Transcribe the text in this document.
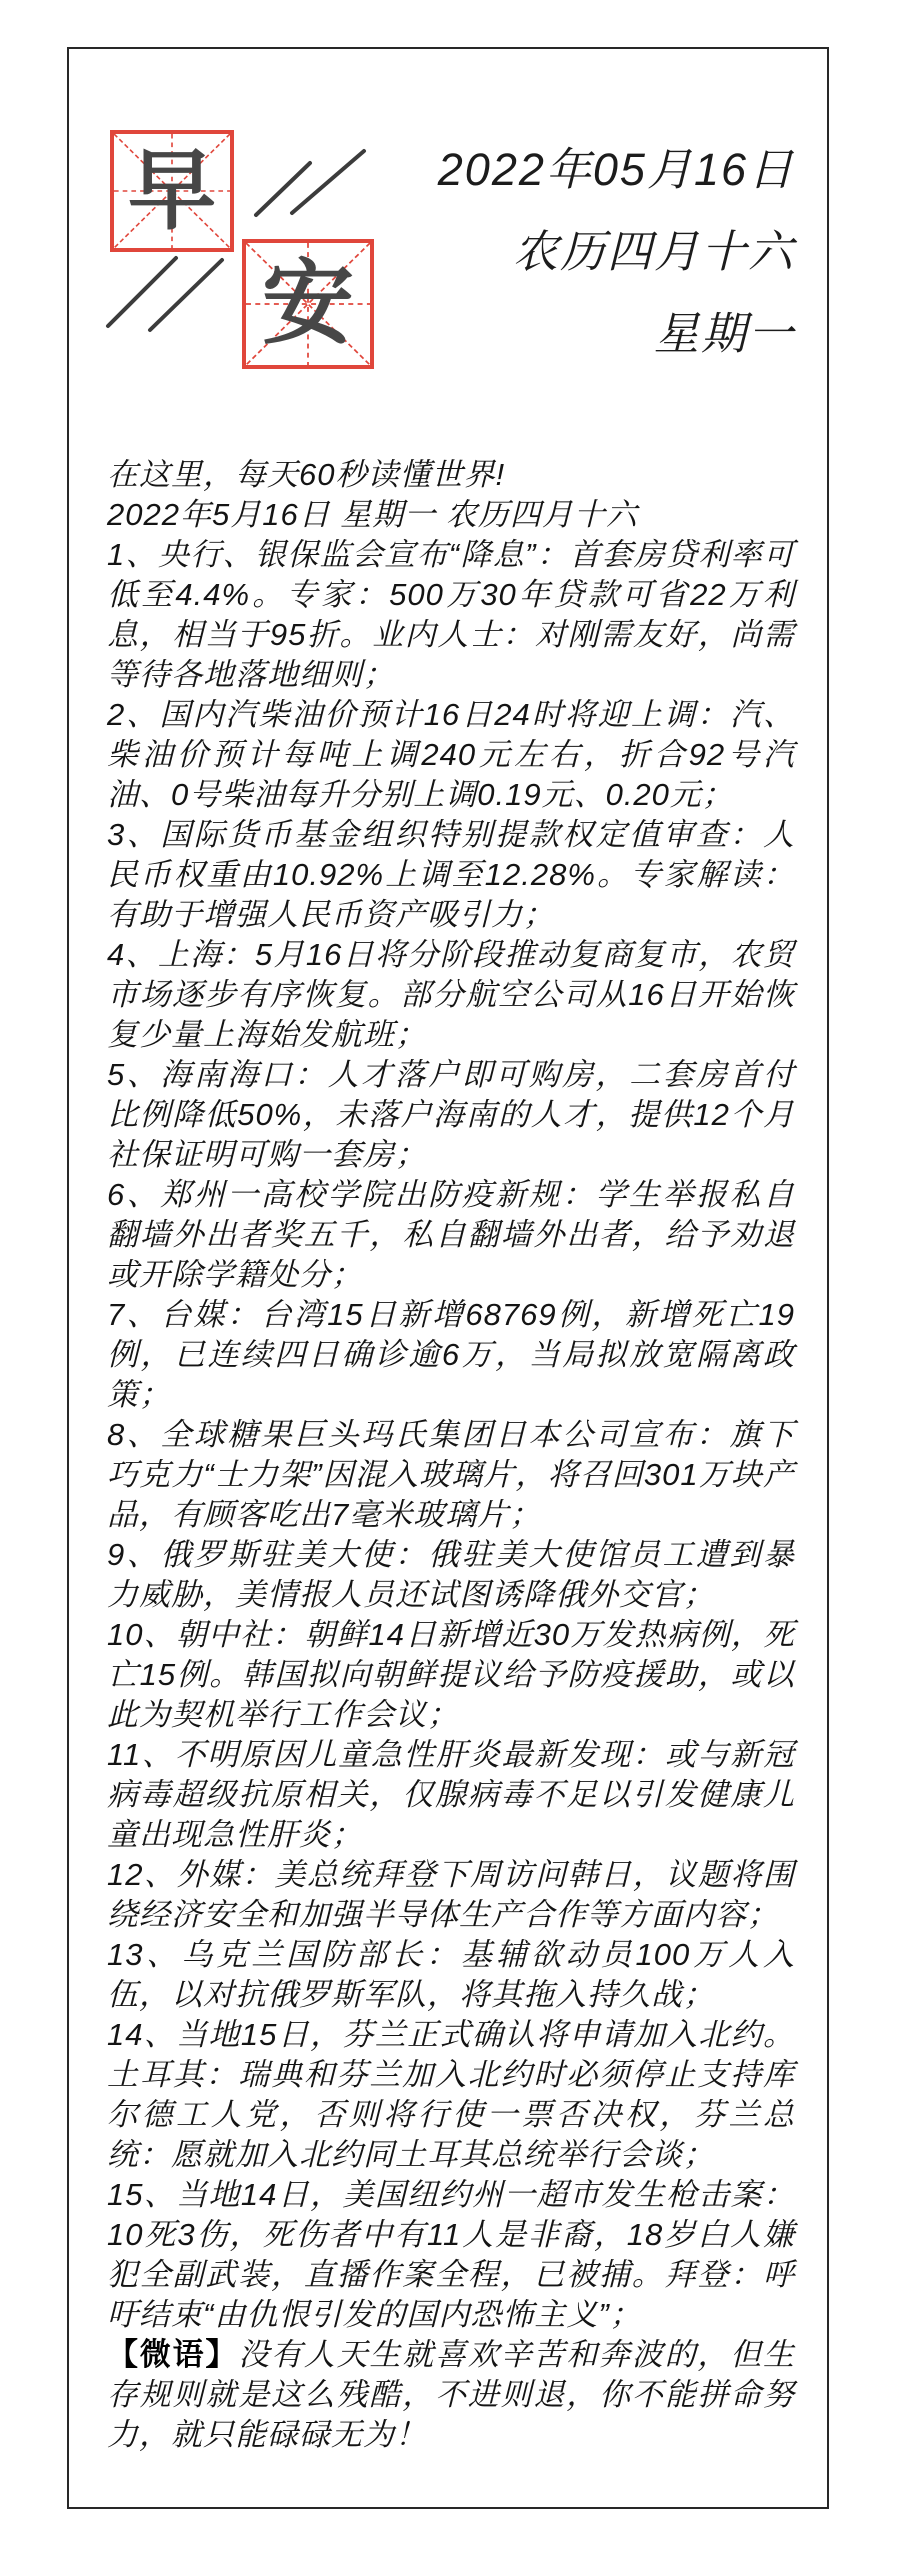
早
安
2022年05月16日
农历四月十六
星期一

在这里，每天60秒读懂世界!

2022年5月16日 星期一 农历四月十六

1、央行、银保监会宣布“降息”：首套房贷利率可低至4.4%。专家：500万30年贷款可省22万利息，相当于95折。业内人士：对刚需友好，尚需等待各地落地细则；

2、国内汽柴油价预计16日24时将迎上调：汽、柴油价预计每吨上调240元左右，折合92号汽油、0号柴油每升分别上调0.19元、0.20元；

3、国际货币基金组织特别提款权定值审查：人民币权重由10.92%上调至12.28%。专家解读：有助于增强人民币资产吸引力；

4、上海：5月16日将分阶段推动复商复市，农贸市场逐步有序恢复。部分航空公司从16日开始恢复少量上海始发航班；

5、海南海口：人才落户即可购房，二套房首付比例降低50%，未落户海南的人才，提供12个月社保证明可购一套房；

6、郑州一高校学院出防疫新规：学生举报私自翻墙外出者奖五千，私自翻墙外出者，给予劝退或开除学籍处分；

7、台媒：台湾15日新增68769例，新增死亡19例，已连续四日确诊逾6万，当局拟放宽隔离政策；

8、全球糖果巨头玛氏集团日本公司宣布：旗下巧克力“士力架”因混入玻璃片，将召回301万块产品，有顾客吃出7毫米玻璃片；

9、俄罗斯驻美大使：俄驻美大使馆员工遭到暴力威胁，美情报人员还试图诱降俄外交官；

10、朝中社：朝鲜14日新增近30万发热病例，死亡15例。韩国拟向朝鲜提议给予防疫援助，或以此为契机举行工作会议；

11、不明原因儿童急性肝炎最新发现：或与新冠病毒超级抗原相关，仅腺病毒不足以引发健康儿童出现急性肝炎；

12、外媒：美总统拜登下周访问韩日，议题将围绕经济安全和加强半导体生产合作等方面内容；

13、乌克兰国防部长：基辅欲动员100万人入伍，以对抗俄罗斯军队，将其拖入持久战；

14、当地15日，芬兰正式确认将申请加入北约。土耳其：瑞典和芬兰加入北约时必须停止支持库尔德工人党，否则将行使一票否决权，芬兰总统：愿就加入北约同土耳其总统举行会谈；

15、当地14日，美国纽约州一超市发生枪击案：10死3伤，死伤者中有11人是非裔，18岁白人嫌犯全副武装，直播作案全程，已被捕。拜登：呼吁结束“由仇恨引发的国内恐怖主义”；

【微语】没有人天生就喜欢辛苦和奔波的，但生存规则就是这么残酷，不进则退，你不能拼命努力，就只能碌碌无为！
